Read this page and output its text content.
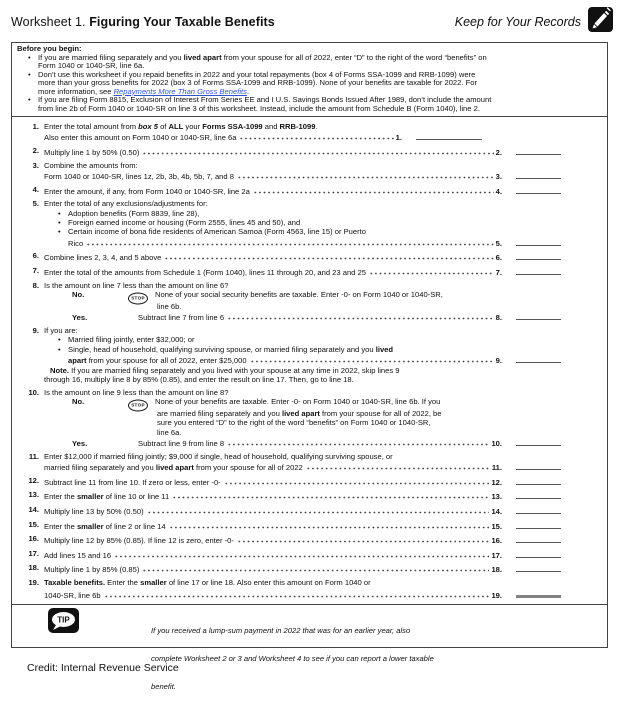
Worksheet 1. Figuring Your Taxable Benefits	Keep for Your Records
Before you begin:
• If you are married filing separately and you lived apart from your spouse for all of 2022, enter “D” to the right of the word “benefits” on
Form 1040 or 1040-SR, line 6a.
• Don’t use this worksheet if you repaid benefits in 2022 and your total repayments (box 4 of Forms SSA-1099 and RRB-1099) were
more than your gross benefits for 2022 (box 3 of Forms SSA-1099 and RRB-1099). None of your benefits are taxable for 2022. For
more information, see Repayments More Than Gross Benefits.
• If you are filing Form 8815, Exclusion of Interest From Series EE and I U.S. Savings Bonds Issued After 1989, don’t include the amount
from line 2b of Form 1040 or 1040-SR on line 3 of this worksheet. Instead, include the amount from Schedule B (Form 1040), line 2.
1. Enter the total amount from box 5 of ALL your Forms SSA-1099 and RRB-1099.
Also enter this amount on Form 1040 or 1040-SR, line 6a	1.
2. Multiply line 1 by 50% (0.50)	2.
3. Combine the amounts from:
Form 1040 or 1040-SR, lines 1z, 2b, 3b, 4b, 5b, 7, and 8	3.
4. Enter the amount, if any, from Form 1040 or 1040-SR, line 2a	4.
5. Enter the total of any exclusions/adjustments for:
• Adoption benefits (Form 8839, line 28),
• Foreign earned income or housing (Form 2555, lines 45 and 50), and
• Certain income of bona fide residents of American Samoa (Form 4563, line 15) or Puerto
Rico	5.
6. Combine lines 2, 3, 4, and 5 above	6.
7. Enter the total of the amounts from Schedule 1 (Form 1040), lines 11 through 20, and 23 and 25	7.
8. Is the amount on line 7 less than the amount on line 6?
No.	STOP	None of your social security benefits are taxable. Enter -0- on Form 1040 or 1040-SR,
line 6b.
Yes.	Subtract line 7 from line 6	8.
9. If you are:
• Married filing jointly, enter $32,000; or
• Single, head of household, qualifying surviving spouse, or married filing separately and you lived
apart from your spouse for all of 2022, enter $25,000	9.
Note. If you are married filing separately and you lived with your spouse at any time in 2022, skip lines 9
through 16, multiply line 8 by 85% (0.85), and enter the result on line 17. Then, go to line 18.
10. Is the amount on line 9 less than the amount on line 8?
No.	STOP	None of your benefits are taxable. Enter -0- on Form 1040 or 1040-SR, line 6b. If you
are married filing separately and you lived apart from your spouse for all of 2022, be
sure you entered “D” to the right of the word “benefits” on Form 1040 or 1040-SR,
line 6a.
Yes.	Subtract line 9 from line 8	10.
11. Enter $12,000 if married filing jointly; $9,000 if single, head of household, qualifying surviving spouse, or
married filing separately and you lived apart from your spouse for all of 2022	11.
12. Subtract line 11 from line 10. If zero or less, enter -0-	12.
13. Enter the smaller of line 10 or line 11	13.
14. Multiply line 13 by 50% (0.50)	14.
15. Enter the smaller of line 2 or line 14	15.
16. Multiply line 12 by 85% (0.85). If line 12 is zero, enter -0-	16.
17. Add lines 15 and 16	17.
18. Multiply line 1 by 85% (0.85)	18.
19. Taxable benefits. Enter the smaller of line 17 or line 18. Also enter this amount on Form 1040 or
1040-SR, line 6b	19.
TIP

If you received a lump-sum payment in 2022 that was for an earlier year, also

complete Worksheet 2 or 3 and Worksheet 4 to see if you can report a lower taxable

benefit.

Credit: Internal Revenue Service
